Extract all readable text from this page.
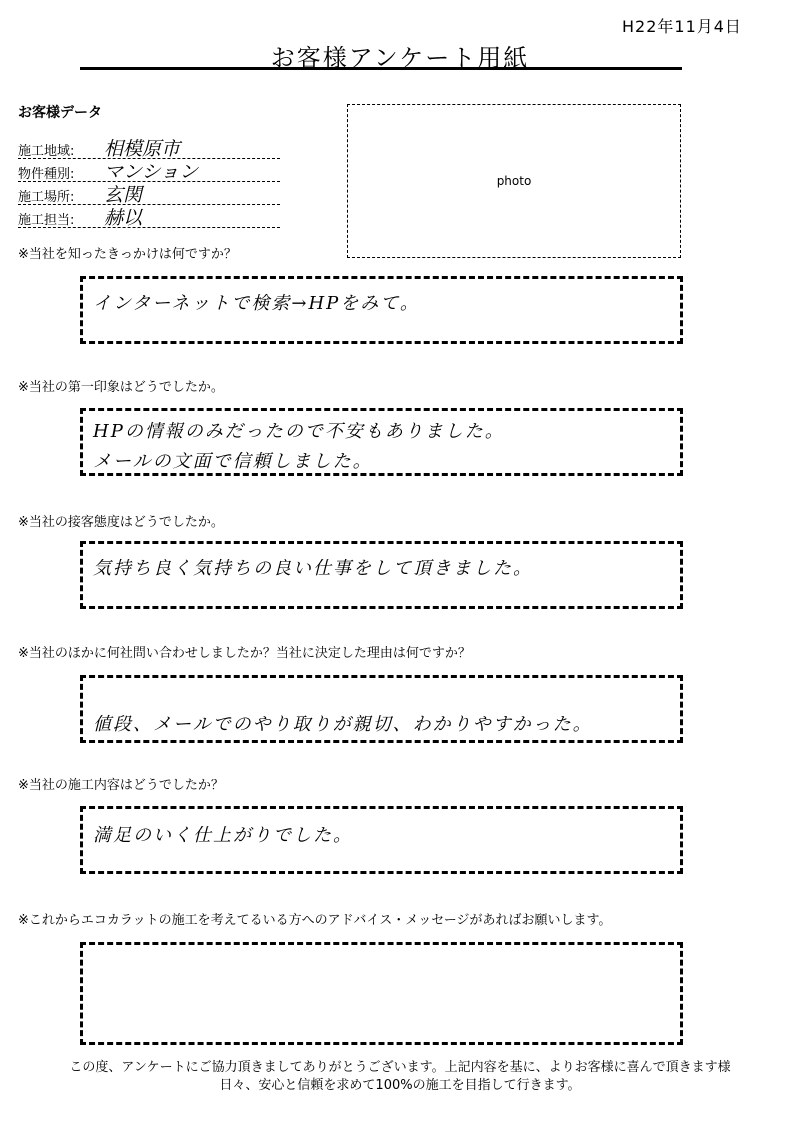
H22年11月4日
お客様アンケート用紙
お客様データ
施工地域:	相模原市
物件種別:	マンション
施工場所:	玄関
施工担当:	赫以
photo
※当社を知ったきっかけは何ですか？
インターネットで検索→HPをみて。
※当社の第一印象はどうでしたか。
HPの情報のみだったので不安もありました。
メールの文面で信頼しました。
※当社の接客態度はどうでしたか。
気持ち良く気持ちの良い仕事をして頂きました。
※当社のほかに何社問い合わせしましたか？当社に決定した理由は何ですか？
値段、メールでのやり取りが親切、わかりやすかった。
※当社の施工内容はどうでしたか？
満足のいく仕上がりでした。
※これからエコカラットの施工を考えてるいる方へのアドバイス・メッセージがあればお願いします。
この度、アンケートにご協力頂きましてありがとうございます。上記内容を基に、よりお客様に喜んで頂きます様
日々、安心と信頼を求めて100%の施工を目指して行きます。
